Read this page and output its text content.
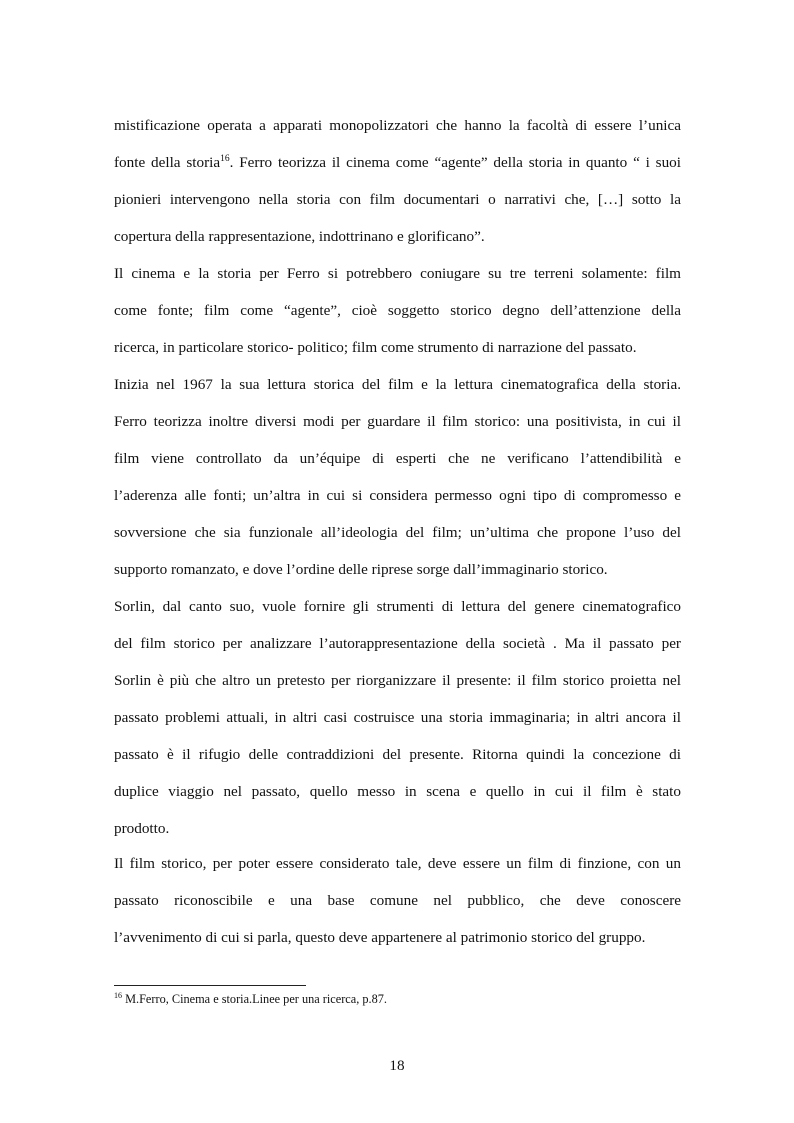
mistificazione operata a apparati monopolizzatori che hanno la facoltà di essere l’unica
fonte della storia$^{16}$. Ferro teorizza il cinema come “agente” della storia in quanto “ i suoi
pionieri intervengono nella storia con film documentari o narrativi che, […] sotto la
copertura della rappresentazione, indottrinano e glorificano”.
Il cinema e la storia per Ferro si potrebbero coniugare su tre terreni solamente: film
come fonte; film come “agente”, cioè soggetto storico degno dell’attenzione della
ricerca, in particolare storico- politico; film come strumento di narrazione del passato.
Inizia nel 1967 la sua lettura storica del film e la lettura cinematografica della storia.
Ferro teorizza inoltre diversi modi per guardare il film storico: una positivista, in cui il
film viene controllato da un’équipe di esperti che ne verificano l’attendibilità e
l’aderenza alle fonti; un’altra in cui si considera permesso ogni tipo di compromesso e
sovversione che sia funzionale all’ideologia del film; un’ultima che propone l’uso del
supporto romanzato, e dove l’ordine delle riprese sorge dall’immaginario storico.
Sorlin, dal canto suo, vuole fornire gli strumenti di lettura del genere cinematografico
del film storico per analizzare l’autorappresentazione della società . Ma il passato per
Sorlin è più che altro un pretesto per riorganizzare il presente: il film storico proietta nel
passato problemi attuali, in altri casi costruisce una storia immaginaria; in altri ancora il
passato è il rifugio delle contraddizioni del presente. Ritorna quindi la concezione di
duplice viaggio nel passato, quello messo in scena e quello in cui il film è stato
prodotto.
Il film storico, per poter essere considerato tale, deve essere un film di finzione, con un
passato riconoscibile e una base comune nel pubblico, che deve conoscere
l’avvenimento di cui si parla, questo deve appartenere al patrimonio storico del gruppo.
$^{16}$ M.Ferro, Cinema e storia.Linee per una ricerca, p.87.
18
